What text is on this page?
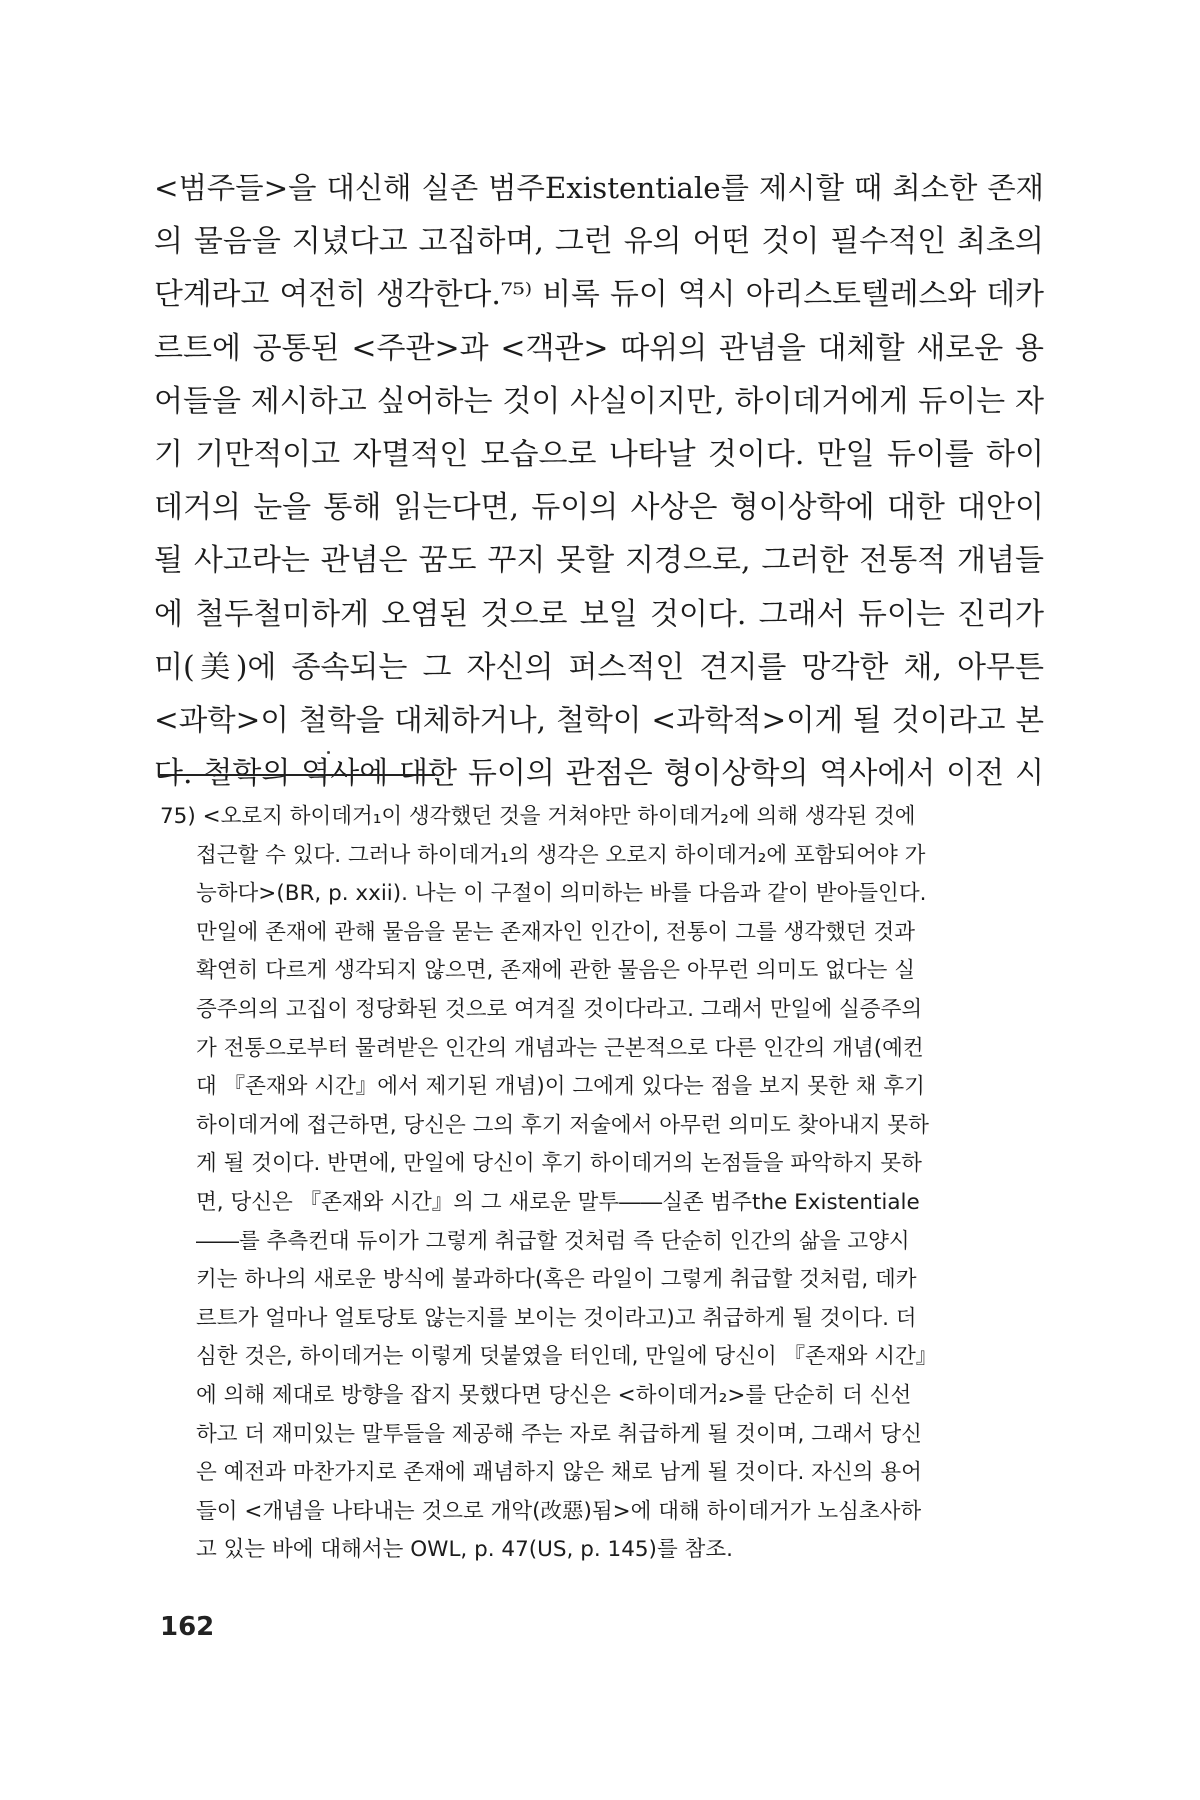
<범주들>을 대신해 실존 범주Existentiale를 제시할 때 최소한 존재
의 물음을 지녔다고 고집하며, 그런 유의 어떤 것이 필수적인 최초의
단계라고 여전히 생각한다.⁷⁵⁾ 비록 듀이 역시 아리스토텔레스와 데카
르트에 공통된 <주관>과 <객관> 따위의 관념을 대체할 새로운 용
어들을 제시하고 싶어하는 것이 사실이지만, 하이데거에게 듀이는 자
기 기만적이고 자멸적인 모습으로 나타날 것이다. 만일 듀이를 하이
데거의 눈을 통해 읽는다면, 듀이의 사상은 형이상학에 대한 대안이
될 사고라는 관념은 꿈도 꾸지 못할 지경으로, 그러한 전통적 개념들
에 철두철미하게 오염된 것으로 보일 것이다. 그래서 듀이는 진리가
미(美)에 종속되는 그 자신의 퍼스적인 견지를 망각한 채, 아무튼
<과학>이 철학을 대체하거나, 철학이 <과학적>이게 될 것이라고 본
다. 철학의 역사에 대한 듀이의 관점은 형이상학의 역사에서 이전 시
75) <오로지 하이데거₁이 생각했던 것을 거쳐야만 하이데거₂에 의해 생각된 것에
접근할 수 있다. 그러나 하이데거₁의 생각은 오로지 하이데거₂에 포함되어야 가
능하다>(BR, p. xxii). 나는 이 구절이 의미하는 바를 다음과 같이 받아들인다.
만일에 존재에 관해 물음을 묻는 존재자인 인간이, 전통이 그를 생각했던 것과
확연히 다르게 생각되지 않으면, 존재에 관한 물음은 아무런 의미도 없다는 실
증주의의 고집이 정당화된 것으로 여겨질 것이다라고. 그래서 만일에 실증주의
가 전통으로부터 물려받은 인간의 개념과는 근본적으로 다른 인간의 개념(예컨
대 『존재와 시간』에서 제기된 개념)이 그에게 있다는 점을 보지 못한 채 후기
하이데거에 접근하면, 당신은 그의 후기 저술에서 아무런 의미도 찾아내지 못하
게 될 것이다. 반면에, 만일에 당신이 후기 하이데거의 논점들을 파악하지 못하
면, 당신은 『존재와 시간』의 그 새로운 말투――실존 범주the Existentiale
――를 추측컨대 듀이가 그렇게 취급할 것처럼 즉 단순히 인간의 삶을 고양시
키는 하나의 새로운 방식에 불과하다(혹은 라일이 그렇게 취급할 것처럼, 데카
르트가 얼마나 얼토당토 않는지를 보이는 것이라고)고 취급하게 될 것이다. 더
심한 것은, 하이데거는 이렇게 덧붙였을 터인데, 만일에 당신이 『존재와 시간』
에 의해 제대로 방향을 잡지 못했다면 당신은 <하이데거₂>를 단순히 더 신선
하고 더 재미있는 말투들을 제공해 주는 자로 취급하게 될 것이며, 그래서 당신
은 예전과 마찬가지로 존재에 괘념하지 않은 채로 남게 될 것이다. 자신의 용어
들이 <개념을 나타내는 것으로 개악(改惡)됨>에 대해 하이데거가 노심초사하
고 있는 바에 대해서는 OWL, p. 47(US, p. 145)를 참조.
162
